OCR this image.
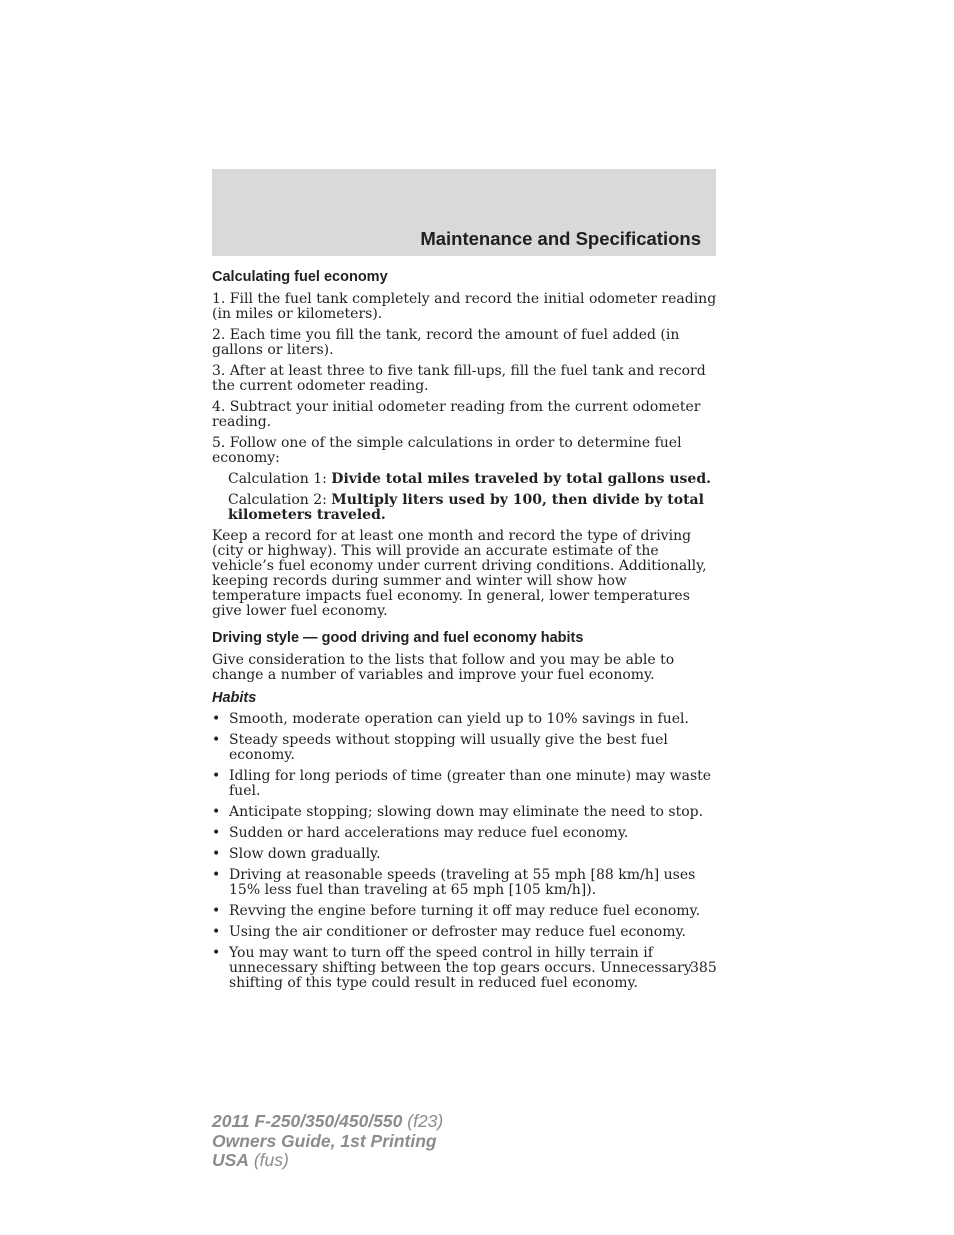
Maintenance and Specifications
Calculating fuel economy

1. Fill the fuel tank completely and record the initial odometer reading (in miles or kilometers).

2. Each time you fill the tank, record the amount of fuel added (in gallons or liters).

3. After at least three to five tank fill-ups, fill the fuel tank and record the current odometer reading.

4. Subtract your initial odometer reading from the current odometer reading.

5. Follow one of the simple calculations in order to determine fuel economy:

Calculation 1: Divide total miles traveled by total gallons used.

Calculation 2: Multiply liters used by 100, then divide by total kilometers traveled.

Keep a record for at least one month and record the type of driving (city or highway). This will provide an accurate estimate of the vehicle’s fuel economy under current driving conditions. Additionally, keeping records during summer and winter will show how temperature impacts fuel economy. In general, lower temperatures give lower fuel economy.

Driving style — good driving and fuel economy habits

Give consideration to the lists that follow and you may be able to change a number of variables and improve your fuel economy.

Habits
• Smooth, moderate operation can yield up to 10% savings in fuel.
• Steady speeds without stopping will usually give the best fuel economy.
• Idling for long periods of time (greater than one minute) may waste fuel.
• Anticipate stopping; slowing down may eliminate the need to stop.
• Sudden or hard accelerations may reduce fuel economy.
• Slow down gradually.
• Driving at reasonable speeds (traveling at 55 mph [88 km/h] uses 15% less fuel than traveling at 65 mph [105 km/h]).
• Revving the engine before turning it off may reduce fuel economy.
• Using the air conditioner or defroster may reduce fuel economy.
• You may want to turn off the speed control in hilly terrain if unnecessary shifting between the top gears occurs. Unnecessary shifting of this type could result in reduced fuel economy.
385
2011 F-250/350/450/550 (f23)
Owners Guide, 1st Printing
USA (fus)
